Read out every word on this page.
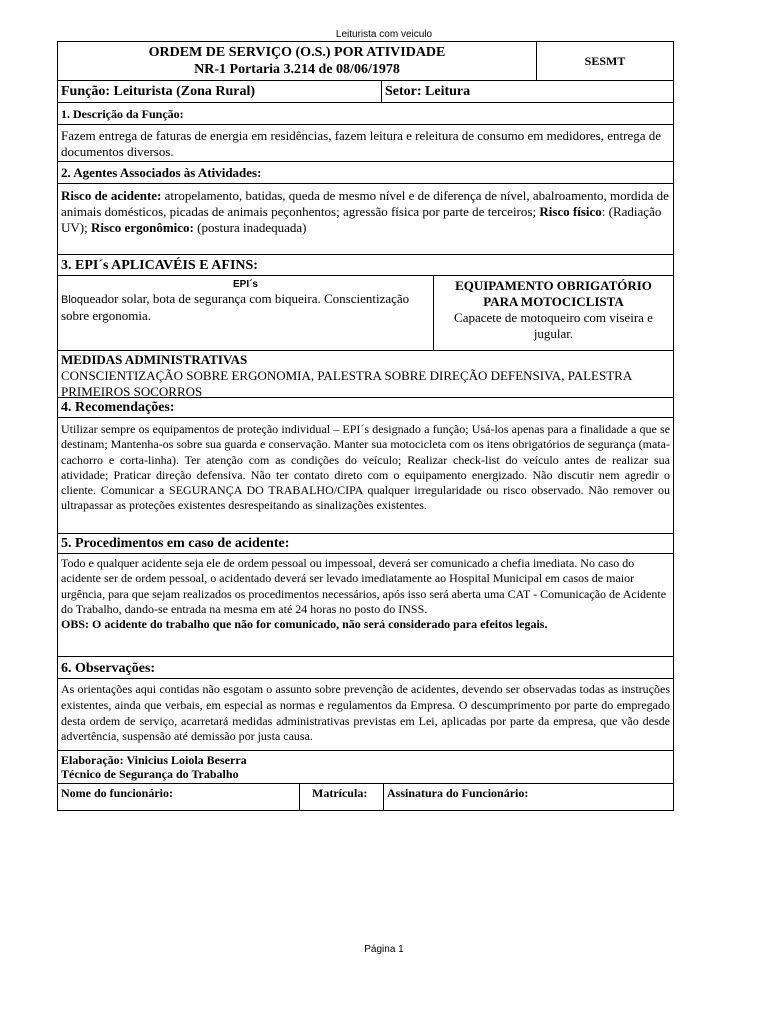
Leiturista com veiculo
ORDEM DE SERVIÇO (O.S.) POR ATIVIDADE
NR-1 Portaria 3.214 de 08/06/1978
SESMT
Função: Leiturista (Zona Rural)	Setor: Leitura
1. Descrição da Função:
Fazem entrega de faturas de energia em residências, fazem leitura e releitura de consumo em medidores, entrega de documentos diversos.
2. Agentes Associados às Atividades:
Risco de acidente: atropelamento, batidas, queda de mesmo nível e de diferença de nível, abalroamento, mordida de animais domésticos, picadas de animais peçonhentos; agressão física por parte de terceiros; Risco físico: (Radiação UV); Risco ergonômico: (postura inadequada)
3. EPI´s APLICAVÉIS E AFINS:
EPI´s
Bloqueador solar, bota de segurança com biqueira. Conscientização sobre ergonomia.
EQUIPAMENTO OBRIGATÓRIO PARA MOTOCICLISTA
Capacete de motoqueiro com viseira e jugular.
MEDIDAS ADMINISTRATIVAS
CONSCIENTIZAÇÃO SOBRE ERGONOMIA, PALESTRA SOBRE DIREÇÃO DEFENSIVA, PALESTRA PRIMEIROS SOCORROS
4. Recomendações:
Utilizar sempre os equipamentos de proteção individual – EPI´s designado a função; Usá-los apenas para a finalidade a que se destinam; Mantenha-os sobre sua guarda e conservação. Manter sua motocicleta com os itens obrigatórios de segurança (mata-cachorro e corta-linha). Ter atenção com as condições do veículo; Realizar check-list do veículo antes de realizar sua atividade; Praticar direção defensiva. Não ter contato direto com o equipamento energizado. Não discutir nem agredir o cliente. Comunicar a SEGURANÇA DO TRABALHO/CIPA qualquer irregularidade ou risco observado. Não remover ou ultrapassar as proteções existentes desrespeitando as sinalizações existentes.
5. Procedimentos em caso de acidente:
Todo e qualquer acidente seja ele de ordem pessoal ou impessoal, deverá ser comunicado a chefia imediata. No caso do acidente ser de ordem pessoal, o acidentado deverá ser levado imediatamente ao Hospital Municipal em casos de maior urgência, para que sejam realizados os procedimentos necessários, após isso será aberta uma CAT - Comunicação de Acidente do Trabalho, dando-se entrada na mesma em até 24 horas no posto do INSS.
OBS: O acidente do trabalho que não for comunicado, não será considerado para efeitos legais.
6. Observações:
As orientações aqui contidas não esgotam o assunto sobre prevenção de acidentes, devendo ser observadas todas as instruções existentes, ainda que verbais, em especial as normas e regulamentos da Empresa. O descumprimento por parte do empregado desta ordem de serviço, acarretará medidas administrativas previstas em Lei, aplicadas por parte da empresa, que vão desde advertência, suspensão até demissão por justa causa.
Elaboração: Vinicius Loiola Beserra
Técnico de Segurança do Trabalho
Nome do funcionário:	Matrícula:	Assinatura do Funcionário:
Página 1
